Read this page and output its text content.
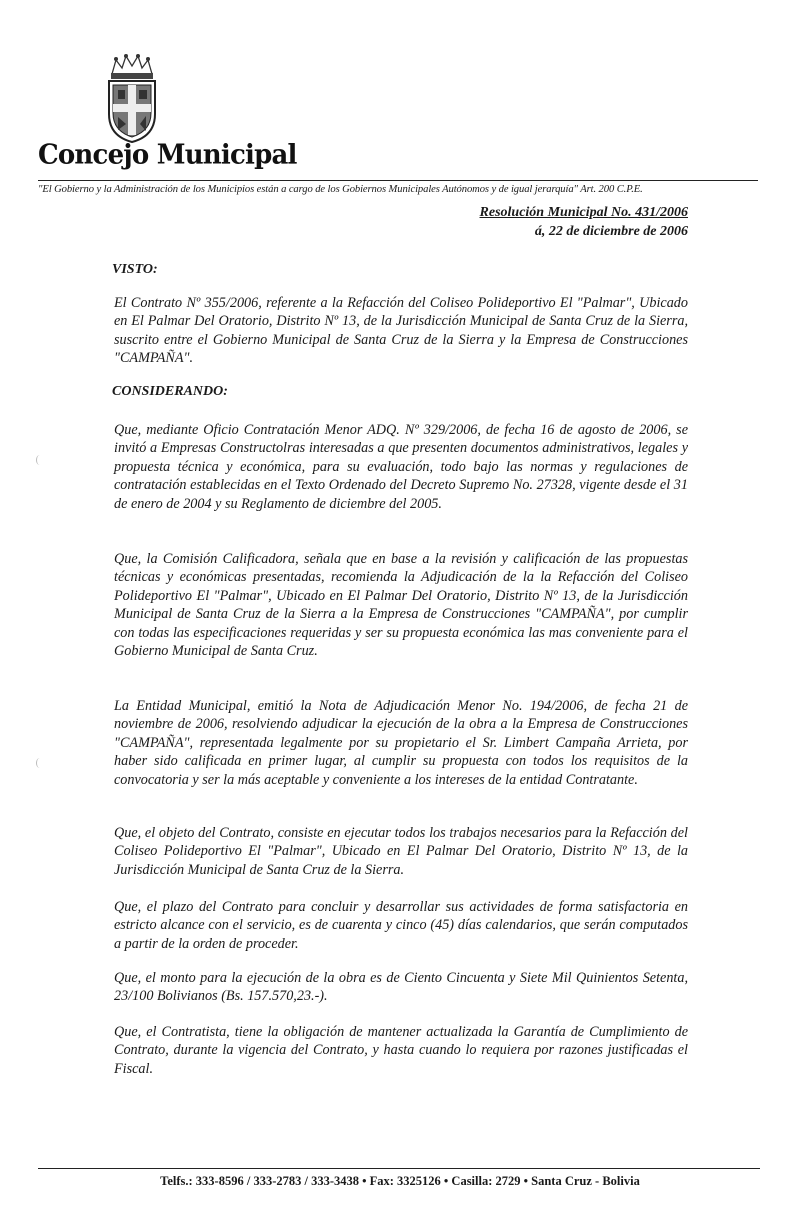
Concejo Municipal

"El Gobierno y la Administración de los Municipios están a cargo de los Gobiernos Municipales Autónomos y de igual jerarquía" Art. 200 C.P.E.

Resolución Municipal No. 431/2006

á, 22 de diciembre de 2006

VISTO:

El Contrato Nº 355/2006, referente a la Refacción del Coliseo Polideportivo El "Palmar", Ubicado en El Palmar Del Oratorio, Distrito Nº 13, de la Jurisdicción Municipal de Santa Cruz de la Sierra, suscrito entre el Gobierno Municipal de Santa Cruz de la Sierra y la Empresa de Construcciones "CAMPAÑA".

CONSIDERANDO:

Que, mediante Oficio Contratación Menor ADQ. Nº 329/2006, de fecha 16 de agosto de 2006, se invitó a Empresas Constructolras interesadas a que presenten documentos administrativos, legales y propuesta técnica y económica, para su evaluación, todo bajo las normas y regulaciones de contratación establecidas en el Texto Ordenado del Decreto Supremo No. 27328, vigente desde el 31 de enero de 2004 y su Reglamento de diciembre del 2005.

Que, la Comisión Calificadora, señala que en base a la revisión y calificación de las propuestas técnicas y económicas presentadas, recomienda la Adjudicación de la la Refacción del Coliseo Polideportivo El "Palmar", Ubicado en El Palmar Del Oratorio, Distrito Nº 13, de la Jurisdicción Municipal de Santa Cruz de la Sierra a la Empresa de Construcciones "CAMPAÑA", por cumplir con todas las especificaciones requeridas y ser su propuesta económica las mas conveniente para el Gobierno Municipal de Santa Cruz.

La Entidad Municipal, emitió la Nota de Adjudicación Menor No. 194/2006, de fecha 21 de noviembre de 2006, resolviendo adjudicar la ejecución de la obra a la Empresa de Construcciones "CAMPAÑA", representada legalmente por su propietario el Sr. Limbert Campaña Arrieta, por haber sido calificada en primer lugar, al cumplir su propuesta con todos los requisitos de la convocatoria y ser la más aceptable y conveniente a los intereses de la entidad Contratante.

Que, el objeto del Contrato, consiste en ejecutar todos los trabajos necesarios para la Refacción del Coliseo Polideportivo El "Palmar", Ubicado en El Palmar Del Oratorio, Distrito Nº 13, de la Jurisdicción Municipal de Santa Cruz de la Sierra.

Que, el plazo del Contrato para concluir y desarrollar sus actividades de forma satisfactoria en estricto alcance con el servicio, es de cuarenta y cinco (45) días calendarios, que serán computados a partir de la orden de proceder.

Que, el monto para la ejecución de la obra es de Ciento Cincuenta y Siete Mil Quinientos Setenta, 23/100 Bolivianos (Bs. 157.570,23.-).

Que, el Contratista, tiene la obligación de mantener actualizada la Garantía de Cumplimiento de Contrato, durante la vigencia del Contrato, y hasta cuando lo requiera por razones justificadas el Fiscal.

Telfs.: 333-8596 / 333-2783 / 333-3438 • Fax: 3325126 • Casilla: 2729 • Santa Cruz - Bolivia
